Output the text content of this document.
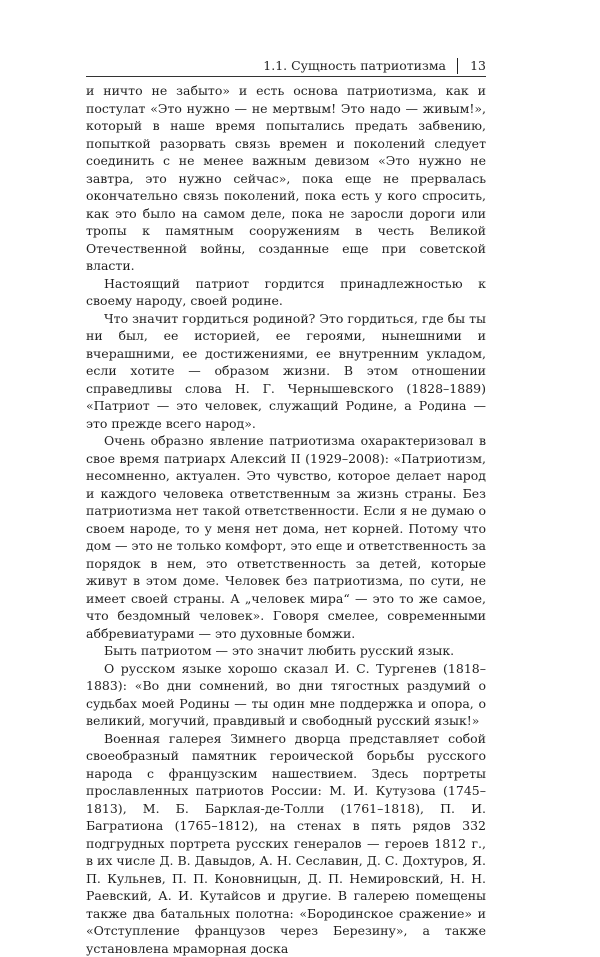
1.1. Сущность патриотизма 13

и ничто не забыто» и есть основа патриотизма, как и постулат «Это нужно — не мертвым! Это надо — живым!», который в наше время попытались предать забвению, попыткой разорвать связь времен и поколений следует соединить с не менее важным девизом «Это нужно не завтра, это нужно сейчас», пока еще не прервалась окончательно связь поколений, пока есть у кого спросить, как это было на самом деле, пока не заросли дороги или тропы к памятным сооружениям в честь Великой Отечественной войны, созданные еще при советской власти.

Настоящий патриот гордится принадлежностью к своему народу, своей родине.

Что значит гордиться родиной? Это гордиться, где бы ты ни был, ее историей, ее героями, нынешними и вчерашними, ее достижениями, ее внутренним укладом, если хотите — образом жизни. В этом отношении справедливы слова Н. Г. Чернышевского (1828–1889) «Патриот — это человек, служащий Родине, а Родина — это прежде всего народ».

Очень образно явление патриотизма охарактеризовал в свое время патриарх Алексий II (1929–2008): «Патриотизм, несомненно, актуален. Это чувство, которое делает народ и каждого человека ответственным за жизнь страны. Без патриотизма нет такой ответственности. Если я не думаю о своем народе, то у меня нет дома, нет корней. Потому что дом — это не только комфорт, это еще и ответственность за порядок в нем, это ответственность за детей, которые живут в этом доме. Человек без патриотизма, по сути, не имеет своей страны. А „человек мира“ — это то же самое, что бездомный человек». Говоря смелее, современными аббревиатурами — это духовные бомжи.

Быть патриотом — это значит любить русский язык.

О русском языке хорошо сказал И. С. Тургенев (1818–1883): «Во дни сомнений, во дни тягостных раздумий о судьбах моей Родины — ты один мне поддержка и опора, о великий, могучий, правдивый и свободный русский язык!»

Военная галерея Зимнего дворца представляет собой своеобразный памятник героической борьбы русского народа с французским нашествием. Здесь портреты прославленных патриотов России: М. И. Кутузова (1745–1813), М. Б. Барклая-де-Толли (1761–1818), П. И. Багратиона (1765–1812), на стенах в пять рядов 332 подгрудных портрета русских генералов — героев 1812 г., в их числе Д. В. Давыдов, А. Н. Сеславин, Д. С. Дохтуров, Я. П. Кульнев, П. П. Коновницын, Д. П. Немировский, Н. Н. Раевский, А. И. Кутайсов и другие. В галерею помещены также два батальных полотна: «Бородинское сражение» и «Отступление французов через Березину», а также установлена мраморная доска
